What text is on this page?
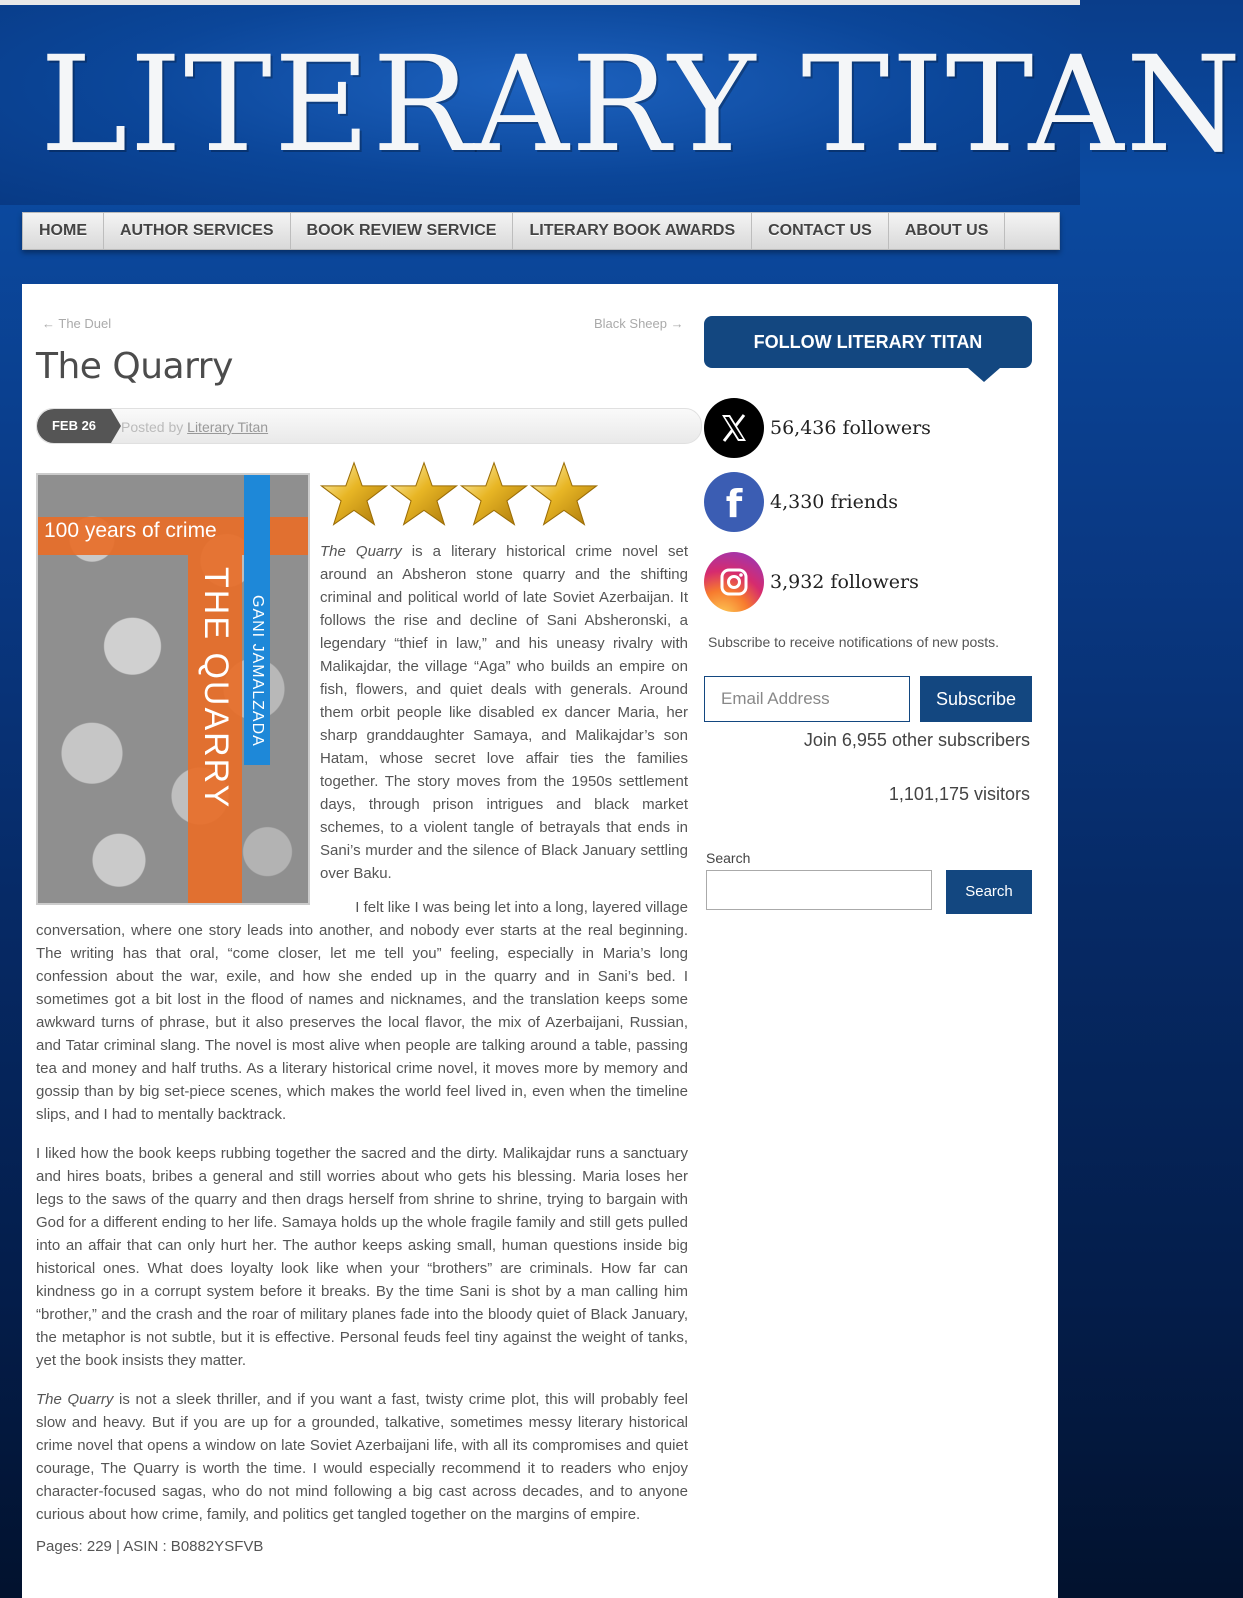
LITERARY TITAN
HOME	AUTHOR SERVICES	BOOK REVIEW SERVICE	LITERARY BOOK AWARDS	CONTACT US	ABOUT US
← The Duel	Black Sheep →
The Quarry
FEB 26	Posted by Literary Titan
100 years of crime
THE QUARRY GANI JAMALZADA

The Quarry is a literary historical crime novel set around an Absheron stone quarry and the shifting criminal and political world of late Soviet Azerbaijan. It follows the rise and decline of Sani Absheronski, a legendary “thief in law,” and his uneasy rivalry with Malikajdar, the village “Aga” who builds an empire on fish, flowers, and quiet deals with generals. Around them orbit people like disabled ex dancer Maria, her sharp granddaughter Samaya, and Malikajdar’s son Hatam, whose secret love affair ties the families together. The story moves from the 1950s settlement days, through prison intrigues and black market schemes, to a violent tangle of betrayals that ends in Sani’s murder and the silence of Black January settling over Baku.

I felt like I was being let into a long, layered village

conversation, where one story leads into another, and nobody ever starts at the real beginning. The writing has that oral, “come closer, let me tell you” feeling, especially in Maria’s long confession about the war, exile, and how she ended up in the quarry and in Sani’s bed. I sometimes got a bit lost in the flood of names and nicknames, and the translation keeps some awkward turns of phrase, but it also preserves the local flavor, the mix of Azerbaijani, Russian, and Tatar criminal slang. The novel is most alive when people are talking around a table, passing tea and money and half truths. As a literary historical crime novel, it moves more by memory and gossip than by big set-piece scenes, which makes the world feel lived in, even when the timeline slips, and I had to mentally backtrack.

I liked how the book keeps rubbing together the sacred and the dirty. Malikajdar runs a sanctuary and hires boats, bribes a general and still worries about who gets his blessing. Maria loses her legs to the saws of the quarry and then drags herself from shrine to shrine, trying to bargain with God for a different ending to her life. Samaya holds up the whole fragile family and still gets pulled into an affair that can only hurt her. The author keeps asking small, human questions inside big historical ones. What does loyalty look like when your “brothers” are criminals. How far can kindness go in a corrupt system before it breaks. By the time Sani is shot by a man calling him “brother,” and the crash and the roar of military planes fade into the bloody quiet of Black January, the metaphor is not subtle, but it is effective. Personal feuds feel tiny against the weight of tanks, yet the book insists they matter.

The Quarry is not a sleek thriller, and if you want a fast, twisty crime plot, this will probably feel slow and heavy. But if you are up for a grounded, talkative, sometimes messy literary historical crime novel that opens a window on late Soviet Azerbaijani life, with all its compromises and quiet courage, The Quarry is worth the time. I would especially recommend it to readers who enjoy character-focused sagas, who do not mind following a big cast across decades, and to anyone curious about how crime, family, and politics get tangled together on the margins of empire.

Pages: 229 | ASIN : B0882YSFVB
FOLLOW LITERARY TITAN
56,436 followers
f 4,330 friends
3,932 followers
Subscribe to receive notifications of new posts.
Email Address
Subscribe
Join 6,955 other subscribers
1,101,175 visitors
Search
Search
